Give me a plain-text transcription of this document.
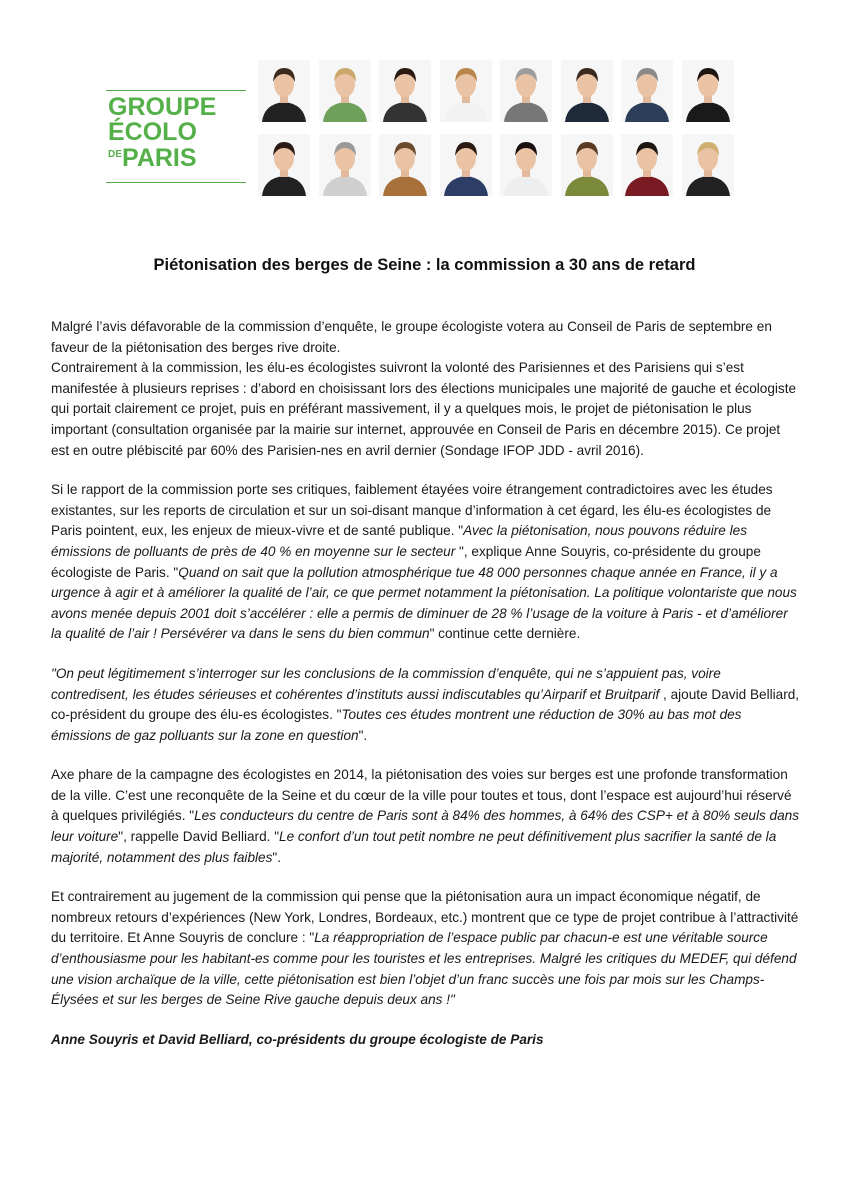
GROUPE
ÉCOLO
DE PARIS
Piétonisation des berges de Seine : la commission a 30 ans de retard

Malgré l’avis défavorable de la commission d’enquête, le groupe écologiste votera au Conseil de Paris de septembre en faveur de la piétonisation des berges rive droite.

Contrairement à la commission, les élu-es écologistes suivront la volonté des Parisiennes et des Parisiens qui s’est manifestée à plusieurs reprises : d’abord en choisissant lors des élections municipales une majorité de gauche et écologiste qui portait clairement ce projet, puis en préférant massivement, il y a quelques mois, le projet de piétonisation le plus important (consultation organisée par la mairie sur internet, approuvée en Conseil de Paris en décembre 2015). Ce projet est en outre plébiscité par 60% des Parisien-nes en avril dernier (Sondage IFOP JDD - avril 2016).

Si le rapport de la commission porte ses critiques, faiblement étayées voire étrangement contradictoires avec les études existantes, sur les reports de circulation et sur un soi-disant manque d’information à cet égard, les élu-es écologistes de Paris pointent, eux, les enjeux de mieux-vivre et de santé publique. "Avec la piétonisation, nous pouvons réduire les émissions de polluants de près de 40 % en moyenne sur le secteur ", explique Anne Souyris, co-présidente du groupe écologiste de Paris. "Quand on sait que la pollution atmosphérique tue 48 000 personnes chaque année en France, il y a urgence à agir et à améliorer la qualité de l’air, ce que permet notamment la piétonisation. La politique volontariste que nous avons menée depuis 2001 doit s’accélérer : elle a permis de diminuer de 28 % l’usage de la voiture à Paris - et d’améliorer la qualité de l’air ! Persévérer va dans le sens du bien commun" continue cette dernière.

"On peut légitimement s’interroger sur les conclusions de la commission d’enquête, qui ne s’appuient pas, voire contredisent, les études sérieuses et cohérentes d’instituts aussi indiscutables qu’Airparif et Bruitparif , ajoute David Belliard, co-président du groupe des élu-es écologistes. "Toutes ces études montrent une réduction de 30% au bas mot des émissions de gaz polluants sur la zone en question".

Axe phare de la campagne des écologistes en 2014, la piétonisation des voies sur berges est une profonde transformation de la ville. C’est une reconquête de la Seine et du cœur de la ville pour toutes et tous, dont l’espace est aujourd’hui réservé à quelques privilégiés. "Les conducteurs du centre de Paris sont à 84% des hommes, à 64% des CSP+ et à 80% seuls dans leur voiture", rappelle David Belliard. "Le confort d’un tout petit nombre ne peut définitivement plus sacrifier la santé de la majorité, notamment des plus faibles".

Et contrairement au jugement de la commission qui pense que la piétonisation aura un impact économique négatif, de nombreux retours d’expériences (New York, Londres, Bordeaux, etc.) montrent que ce type de projet contribue à l’attractivité du territoire. Et Anne Souyris de conclure : "La réappropriation de l’espace public par chacun-e est une véritable source d’enthousiasme pour les habitant-es comme pour les touristes et les entreprises. Malgré les critiques du MEDEF, qui défend une vision archaïque de la ville, cette piétonisation est bien l’objet d’un franc succès une fois par mois sur les Champs-Élysées et sur les berges de Seine Rive gauche depuis deux ans !"

Anne Souyris et David Belliard, co-présidents du groupe écologiste de Paris
